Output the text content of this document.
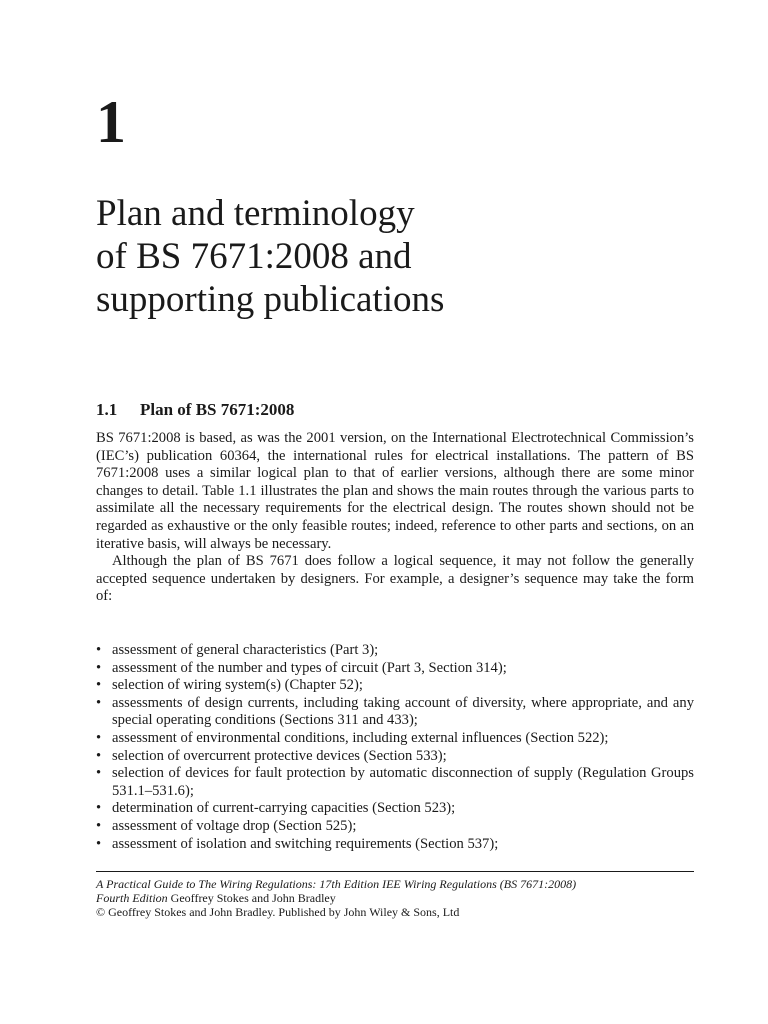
1
Plan and terminology
of BS 7671:2008 and
supporting publications
1.1 Plan of BS 7671:2008

BS 7671:2008 is based, as was the 2001 version, on the International Electrotechnical Commission’s (IEC’s) publication 60364, the international rules for electrical installations. The pattern of BS 7671:2008 uses a similar logical plan to that of earlier versions, although there are some minor changes to detail. Table 1.1 illustrates the plan and shows the main routes through the various parts to assimilate all the necessary requirements for the electrical design. The routes shown should not be regarded as exhaustive or the only feasible routes; indeed, reference to other parts and sections, on an iterative basis, will always be necessary.

Although the plan of BS 7671 does follow a logical sequence, it may not follow the generally accepted sequence undertaken by designers. For example, a designer’s sequence may take the form of:

• assessment of general characteristics (Part 3);
• assessment of the number and types of circuit (Part 3, Section 314);
• selection of wiring system(s) (Chapter 52);
• assessments of design currents, including taking account of diversity, where appropriate, and any special operating conditions (Sections 311 and 433);
• assessment of environmental conditions, including external influences (Section 522);
• selection of overcurrent protective devices (Section 533);
• selection of devices for fault protection by automatic disconnection of supply (Regulation Groups 531.1–531.6);
• determination of current-carrying capacities (Section 523);
• assessment of voltage drop (Section 525);
• assessment of isolation and switching requirements (Section 537);
A Practical Guide to The Wiring Regulations: 17th Edition IEE Wiring Regulations (BS 7671:2008)
Fourth Edition Geoffrey Stokes and John Bradley
© Geoffrey Stokes and John Bradley. Published by John Wiley & Sons, Ltd
